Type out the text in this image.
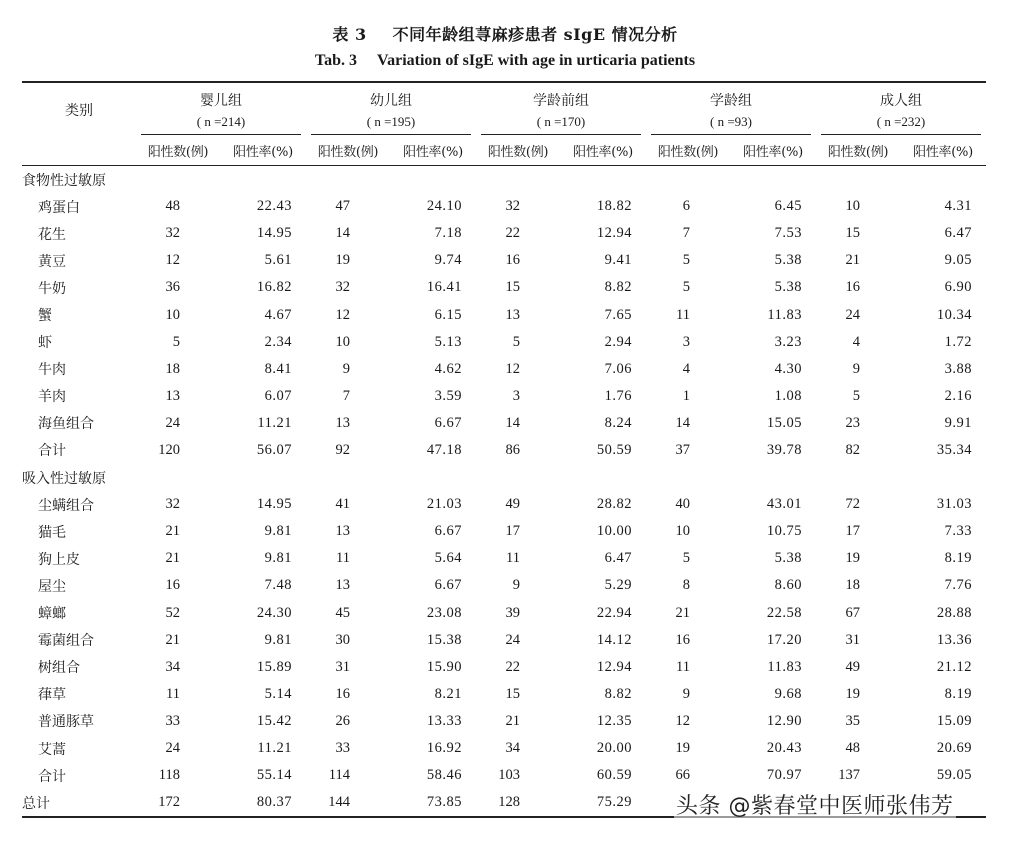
表 3 不同年龄组荨麻疹患者 sIgE 情况分析
Tab. 3 Variation of sIgE with age in urticaria patients
类别	婴儿组		幼儿组		学龄前组		学龄组		成人组	

	( n =214)		( n =195)		( n =170)		( n =93)		( n =232)	

	阳性数(例)	阳性率(%)	阳性数(例)	阳性率(%)	阳性数(例)	阳性率(%)	阳性数(例)	阳性率(%)	阳性数(例)	阳性率(%)
食物性过敏原										
鸡蛋白	48	22.43	47	24.10	32	18.82	6	6.45	10	4.31
花生	32	14.95	14	7.18	22	12.94	7	7.53	15	6.47
黄豆	12	5.61	19	9.74	16	9.41	5	5.38	21	9.05
牛奶	36	16.82	32	16.41	15	8.82	5	5.38	16	6.90
蟹	10	4.67	12	6.15	13	7.65	11	11.83	24	10.34
虾	5	2.34	10	5.13	5	2.94	3	3.23	4	1.72
牛肉	18	8.41	9	4.62	12	7.06	4	4.30	9	3.88
羊肉	13	6.07	7	3.59	3	1.76	1	1.08	5	2.16
海鱼组合	24	11.21	13	6.67	14	8.24	14	15.05	23	9.91
合计	120	56.07	92	47.18	86	50.59	37	39.78	82	35.34
吸入性过敏原										
尘螨组合	32	14.95	41	21.03	49	28.82	40	43.01	72	31.03
猫毛	21	9.81	13	6.67	17	10.00	10	10.75	17	7.33
狗上皮	21	9.81	11	5.64	11	6.47	5	5.38	19	8.19
屋尘	16	7.48	13	6.67	9	5.29	8	8.60	18	7.76
蟑螂	52	24.30	45	23.08	39	22.94	21	22.58	67	28.88
霉菌组合	21	9.81	30	15.38	24	14.12	16	17.20	31	13.36
树组合	34	15.89	31	15.90	22	12.94	11	11.83	49	21.12
葎草	11	5.14	16	8.21	15	8.82	9	9.68	19	8.19
普通豚草	33	15.42	26	13.33	21	12.35	12	12.90	35	15.09
艾蒿	24	11.21	33	16.92	34	20.00	19	20.43	48	20.69
合计	118	55.14	114	58.46	103	60.59	66	70.97	137	59.05
总计	172	80.37	144	73.85	128	75.29				头条 @紫春堂中医师张伟芳
